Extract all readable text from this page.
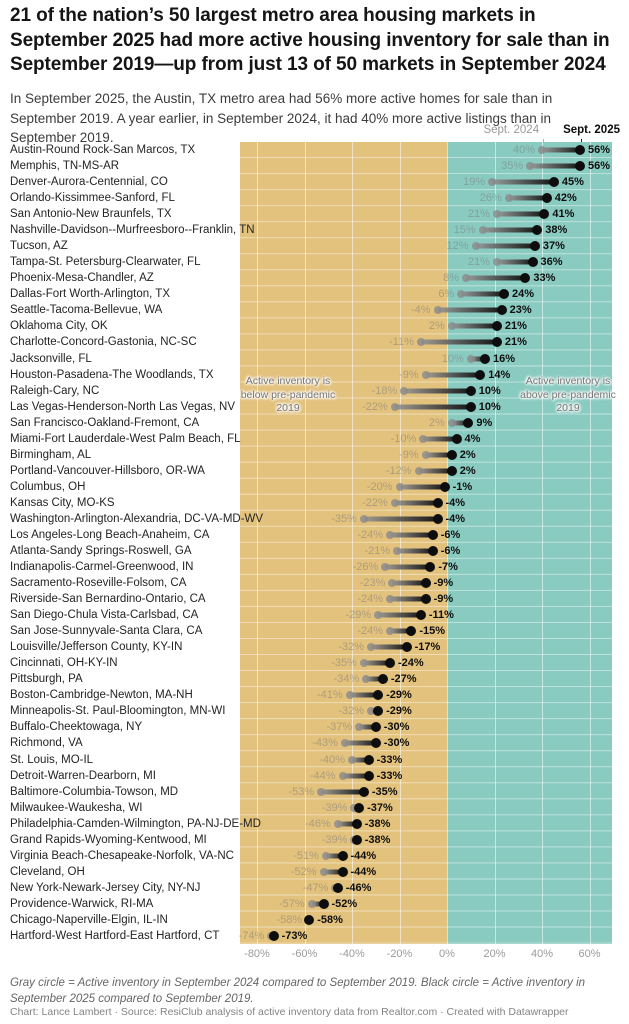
21 of the nation’s 50 largest metro area housing markets in September 2025 had more active housing inventory for sale than in September 2019—up from just 13 of 50 markets in September 2024

In September 2025, the Austin, TX metro area had 56% more active homes for sale than in September 2019. A year earlier, in September 2024, it had 40% more active listings than in September 2019.

Sept. 2024 Sept. 2025
Austin-Round Rock-San Marcos, TX	40%	56%
Memphis, TN-MS-AR	35%	56%
Denver-Aurora-Centennial, CO	19%	45%
Orlando-Kissimmee-Sanford, FL	26%	42%
San Antonio-New Braunfels, TX	21%	41%
Nashville-Davidson--Murfreesboro--Franklin, TN	15%	38%
Tucson, AZ	12%	37%
Tampa-St. Petersburg-Clearwater, FL	21%	36%
Phoenix-Mesa-Chandler, AZ	8%	33%
Dallas-Fort Worth-Arlington, TX	6%	24%
Seattle-Tacoma-Bellevue, WA	-4%	23%
Oklahoma City, OK	2%	21%
Charlotte-Concord-Gastonia, NC-SC	-11%	21%
Jacksonville, FL	10%	16%
Houston-Pasadena-The Woodlands, TX	-9%	14%
Raleigh-Cary, NC	-18%	10%
Las Vegas-Henderson-North Las Vegas, NV	-22%	10%
San Francisco-Oakland-Fremont, CA	2%	9%
Miami-Fort Lauderdale-West Palm Beach, FL	-10%	4%
Birmingham, AL	-9%	2%
Portland-Vancouver-Hillsboro, OR-WA	-12%	2%
Columbus, OH	-20%	-1%
Kansas City, MO-KS	-22%	-4%
Washington-Arlington-Alexandria, DC-VA-MD-WV	-35%	-4%
Los Angeles-Long Beach-Anaheim, CA	-24%	-6%
Atlanta-Sandy Springs-Roswell, GA	-21%	-6%
Indianapolis-Carmel-Greenwood, IN	-26%	-7%
Sacramento-Roseville-Folsom, CA	-23%	-9%
Riverside-San Bernardino-Ontario, CA	-24%	-9%
San Diego-Chula Vista-Carlsbad, CA	-29%	-11%
San Jose-Sunnyvale-Santa Clara, CA	-24%	-15%
Louisville/Jefferson County, KY-IN	-32%	-17%
Cincinnati, OH-KY-IN	-35%	-24%
Pittsburgh, PA	-34%	-27%
Boston-Cambridge-Newton, MA-NH	-41%	-29%
Minneapolis-St. Paul-Bloomington, MN-WI	-32% -29%
Buffalo-Cheektowaga, NY	-37%	-30%
Richmond, VA	-43%	-30%
St. Louis, MO-IL	-40%	-33%
Detroit-Warren-Dearborn, MI	-44%	-33%
Baltimore-Columbia-Towson, MD	-53%	-35%
Milwaukee-Waukesha, WI	-39% -37%
Philadelphia-Camden-Wilmington, PA-NJ-DE-MD	-46%	-38%
Grand Rapids-Wyoming-Kentwood, MI	-39% -38%
Virginia Beach-Chesapeake-Norfolk, VA-NC	-51%	-44%
Cleveland, OH	-52%	-44%
New York-Newark-Jersey City, NY-NJ	-47% -46%
Providence-Warwick, RI-MA	-57% -52%
Chicago-Naperville-Elgin, IL-IN	-58% -58%
Hartford-West Hartford-East Hartford, CT -74% -73%
Active inventory is below pre-pandemic 2019
Active inventory is above pre-pandemic 2019
-80% -60% -40% -20% 0%	20% 40% 60%

Gray circle = Active inventory in September 2024 compared to September 2019. Black circle = Active inventory in September 2025 compared to September 2019.

Chart: Lance Lambert · Source: ResiClub analysis of active inventory data from Realtor.com · Created with Datawrapper
